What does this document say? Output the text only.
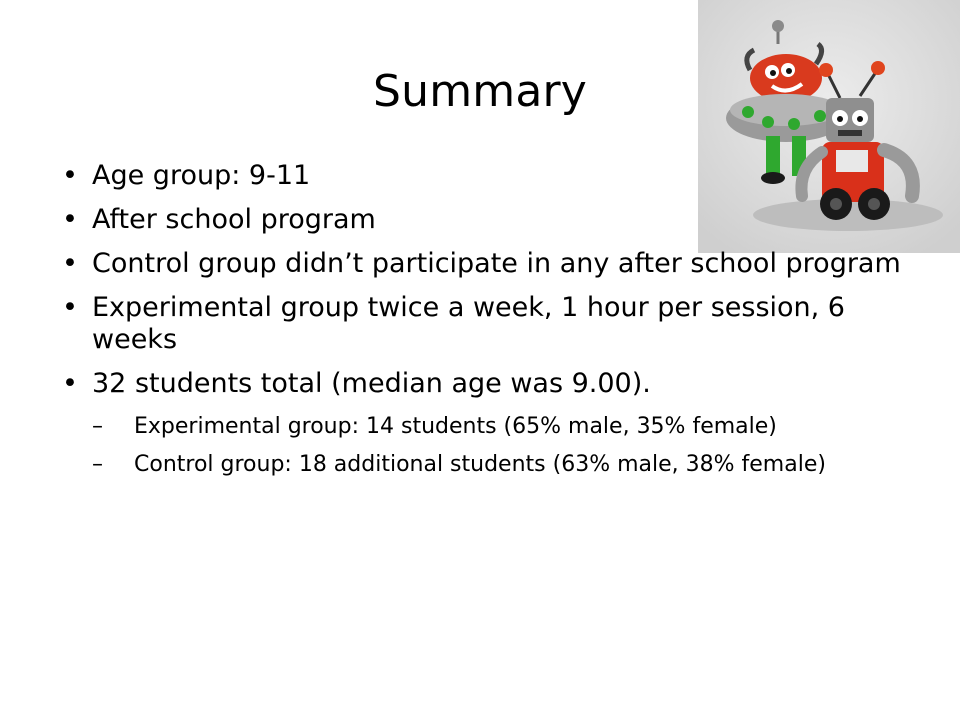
Summary
• Age group: 9-11
• After school program
• Control group didn’t participate in any after school program
• Experimental group twice a week, 1 hour per session, 6 weeks
• 32 students total (median age was 9.00).
– Experimental group: 14 students (65% male, 35% female)
– Control group: 18 additional students (63% male, 38% female)
